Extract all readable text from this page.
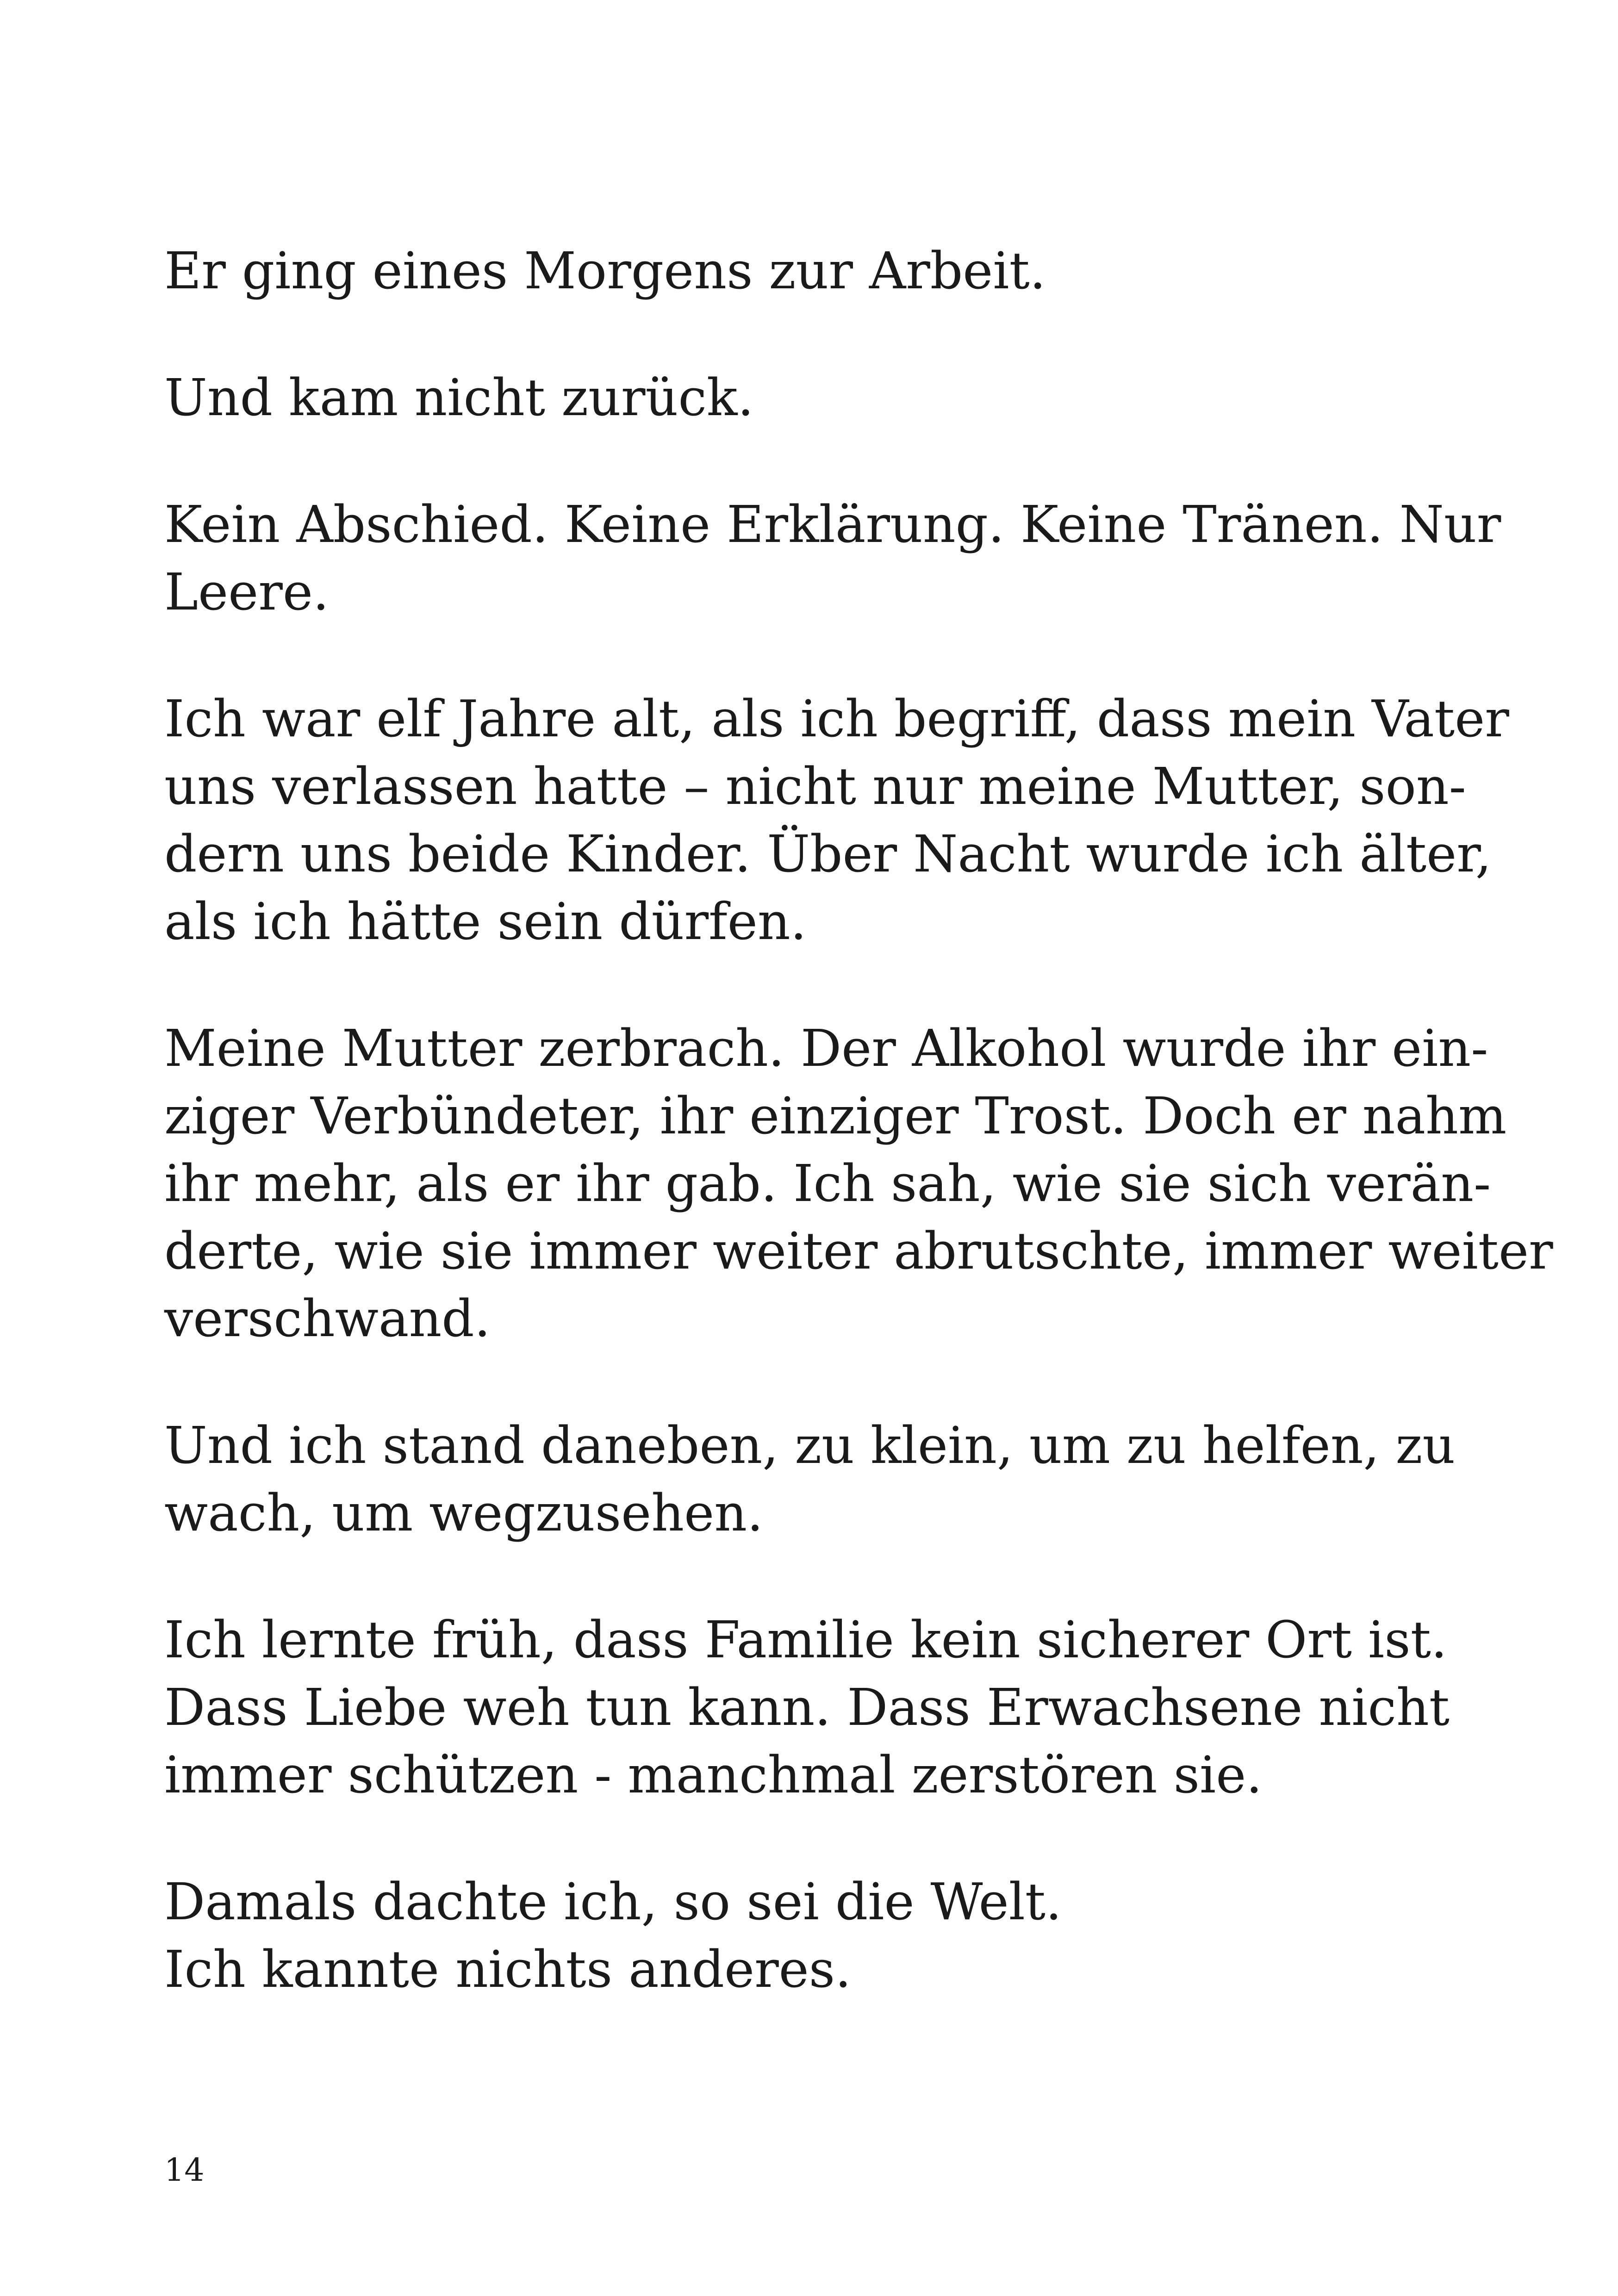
Er ging eines Morgens zur Arbeit.

Und kam nicht zurück.

Kein Abschied. Keine Erklärung. Keine Tränen. Nur
Leere.

Ich war elf Jahre alt, als ich begriff, dass mein Vater
uns verlassen hatte – nicht nur meine Mutter, son-
dern uns beide Kinder. Über Nacht wurde ich älter,
als ich hätte sein dürfen.

Meine Mutter zerbrach. Der Alkohol wurde ihr ein-
ziger Verbündeter, ihr einziger Trost. Doch er nahm
ihr mehr, als er ihr gab. Ich sah, wie sie sich verän-
derte, wie sie immer weiter abrutschte, immer weiter
verschwand.

Und ich stand daneben, zu klein, um zu helfen, zu
wach, um wegzusehen.

Ich lernte früh, dass Familie kein sicherer Ort ist.
Dass Liebe weh tun kann. Dass Erwachsene nicht
immer schützen - manchmal zerstören sie.

Damals dachte ich, so sei die Welt.
Ich kannte nichts anderes.

14
